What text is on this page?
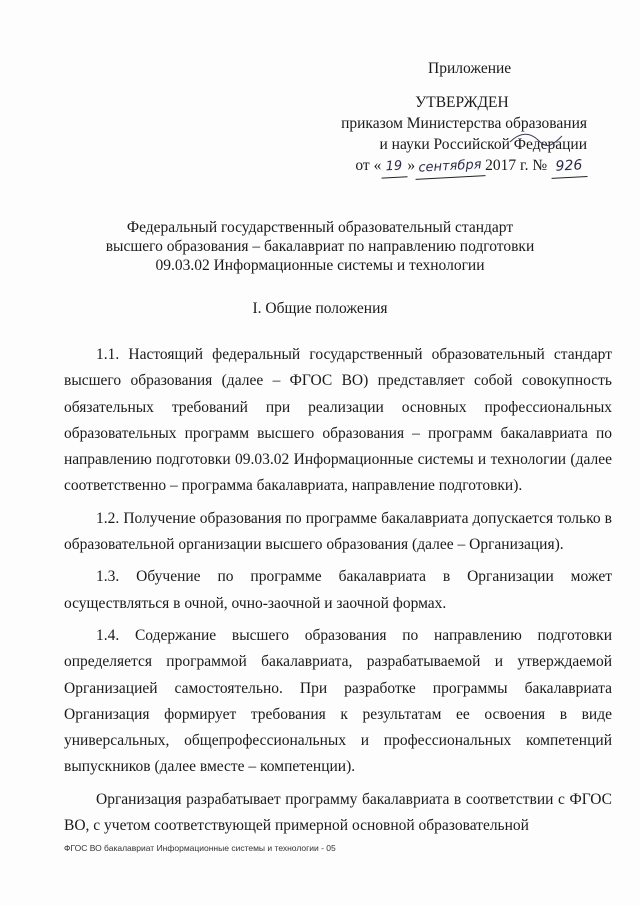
Приложение
УТВЕРЖДЕН
приказом Министерства образования
и науки Российской Федерации
от « 19 » сентября 2017 г. № 926
Федеральный государственный образовательный стандарт
высшего образования – бакалавриат по направлению подготовки
09.03.02 Информационные системы и технологии
I. Общие положения

1.1. Настоящий федеральный государственный образовательный стандарт высшего образования (далее – ФГОС ВО) представляет собой совокупность обязательных требований при реализации основных профессиональных образовательных программ высшего образования – программ бакалавриата по направлению подготовки 09.03.02 Информационные системы и технологии (далее соответственно – программа бакалавриата, направление подготовки).

1.2. Получение образования по программе бакалавриата допускается только в образовательной организации высшего образования (далее – Организация).

1.3. Обучение по программе бакалавриата в Организации может осуществляться в очной, очно-заочной и заочной формах.

1.4. Содержание высшего образования по направлению подготовки определяется программой бакалавриата, разрабатываемой и утверждаемой Организацией самостоятельно. При разработке программы бакалавриата Организация формирует требования к результатам ее освоения в виде универсальных, общепрофессиональных и профессиональных компетенций выпускников (далее вместе – компетенции).

Организация разрабатывает программу бакалавриата в соответствии с ФГОС ВО, с учетом соответствующей примерной основной образовательной

ФГОС ВО бакалавриат Информационные системы и технологии - 05
